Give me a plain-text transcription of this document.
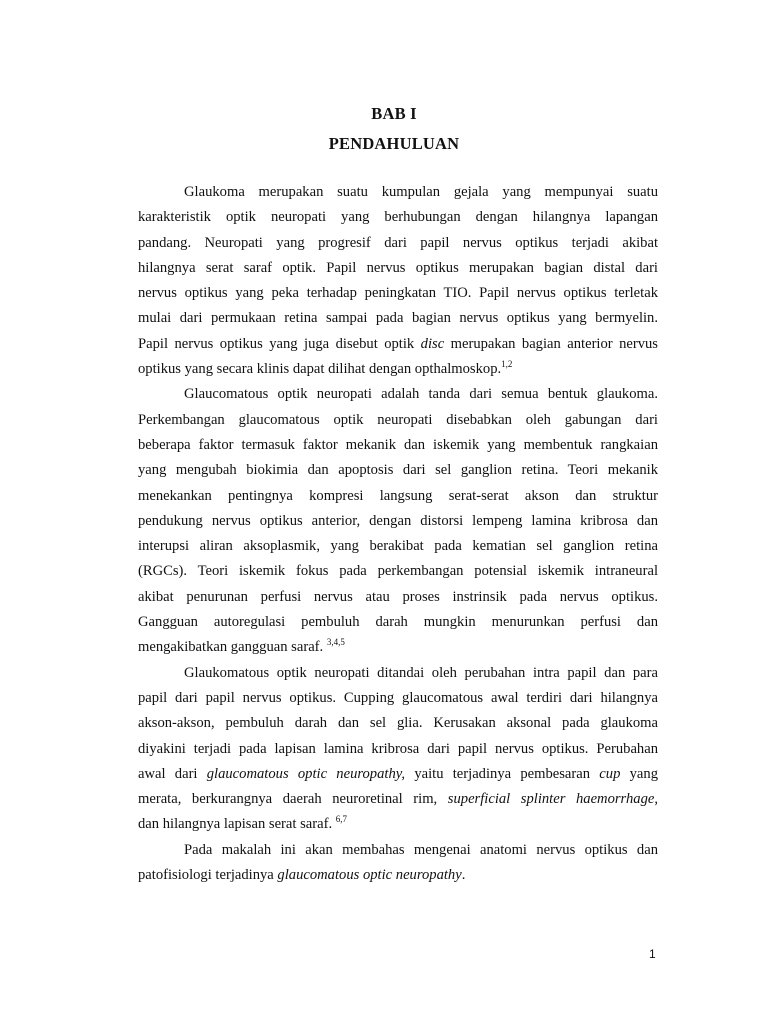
BAB I
PENDAHULUAN
Glaukoma merupakan suatu kumpulan gejala yang mempunyai suatu
karakteristik optik neuropati yang berhubungan dengan hilangnya lapangan
pandang. Neuropati yang progresif dari papil nervus optikus terjadi akibat
hilangnya serat saraf optik. Papil nervus optikus merupakan bagian distal dari
nervus optikus yang peka terhadap peningkatan TIO. Papil nervus optikus terletak
mulai dari permukaan retina sampai pada bagian nervus optikus yang bermyelin.
Papil nervus optikus yang juga disebut optik disc merupakan bagian anterior nervus
optikus yang secara klinis dapat dilihat dengan opthalmoskop.$^{1,2}$
Glaucomatous optik neuropati adalah tanda dari semua bentuk glaukoma.
Perkembangan glaucomatous optik neuropati disebabkan oleh gabungan dari
beberapa faktor termasuk faktor mekanik dan iskemik yang membentuk rangkaian
yang mengubah biokimia dan apoptosis dari sel ganglion retina. Teori mekanik
menekankan pentingnya kompresi langsung serat-serat akson dan struktur
pendukung nervus optikus anterior, dengan distorsi lempeng lamina kribrosa dan
interupsi aliran aksoplasmik, yang berakibat pada kematian sel ganglion retina
(RGCs). Teori iskemik fokus pada perkembangan potensial iskemik intraneural
akibat penurunan perfusi nervus atau proses instrinsik pada nervus optikus.
Gangguan autoregulasi pembuluh darah mungkin menurunkan perfusi dan
mengakibatkan gangguan saraf. $^{3,4,5}$
Glaukomatous optik neuropati ditandai oleh perubahan intra papil dan para
papil dari papil nervus optikus. Cupping glaucomatous awal terdiri dari hilangnya
akson-akson, pembuluh darah dan sel glia. Kerusakan aksonal pada glaukoma
diyakini terjadi pada lapisan lamina kribrosa dari papil nervus optikus. Perubahan
awal dari glaucomatous optic neuropathy, yaitu terjadinya pembesaran cup yang
merata, berkurangnya daerah neuroretinal rim, superficial splinter haemorrhage,
dan hilangnya lapisan serat saraf. $^{6,7}$
Pada makalah ini akan membahas mengenai anatomi nervus optikus dan
patofisiologi terjadinya glaucomatous optic neuropathy.
1
